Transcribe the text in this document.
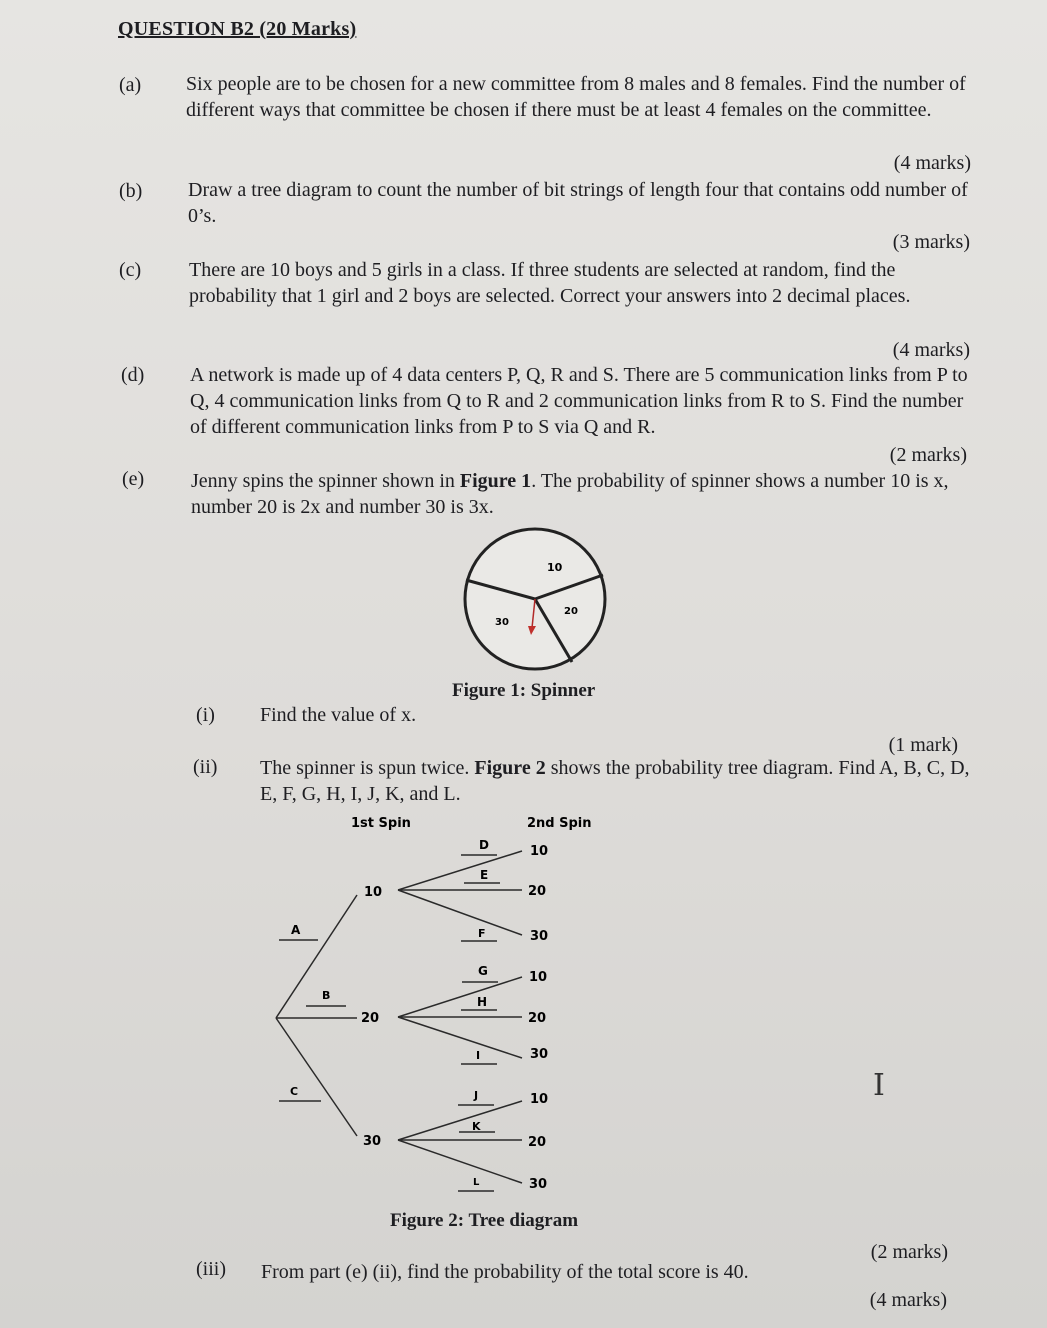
QUESTION B2 (20 Marks)
(a) Six people are to be chosen for a new committee from 8 males and 8 females. Find the number of different ways that committee be chosen if there must be at least 4 females on the committee.
(4 marks)
(b) Draw a tree diagram to count the number of bit strings of length four that contains odd number of 0’s.
(3 marks)
(c) There are 10 boys and 5 girls in a class. If three students are selected at random, find the probability that 1 girl and 2 boys are selected. Correct your answers into 2 decimal places.
(4 marks)
(d) A network is made up of 4 data centers P, Q, R and S. There are 5 communication links from P to Q, 4 communication links from Q to R and 2 communication links from R to S. Find the number of different communication links from P to S via Q and R.
(2 marks)
(e) Jenny spins the spinner shown in Figure 1. The probability of spinner shows a number 10 is x, number 20 is 2x and number 30 is 3x.
10
20
30
Figure 1: Spinner
(i) Find the value of x.
(1 mark)
(ii) The spinner is spun twice. Figure 2 shows the probability tree diagram. Find A, B, C, D, E, F, G, H, I, J, K, and L.
1st Spin	2nd Spin
A
B
C
10
20
30
D
E
F
G
H
I
J
K
L
10
20
30
10
20
30
10
20
30
Figure 2: Tree diagram
(2 marks)
(iii) From part (e) (ii), find the probability of the total score is 40.
(4 marks)
I
